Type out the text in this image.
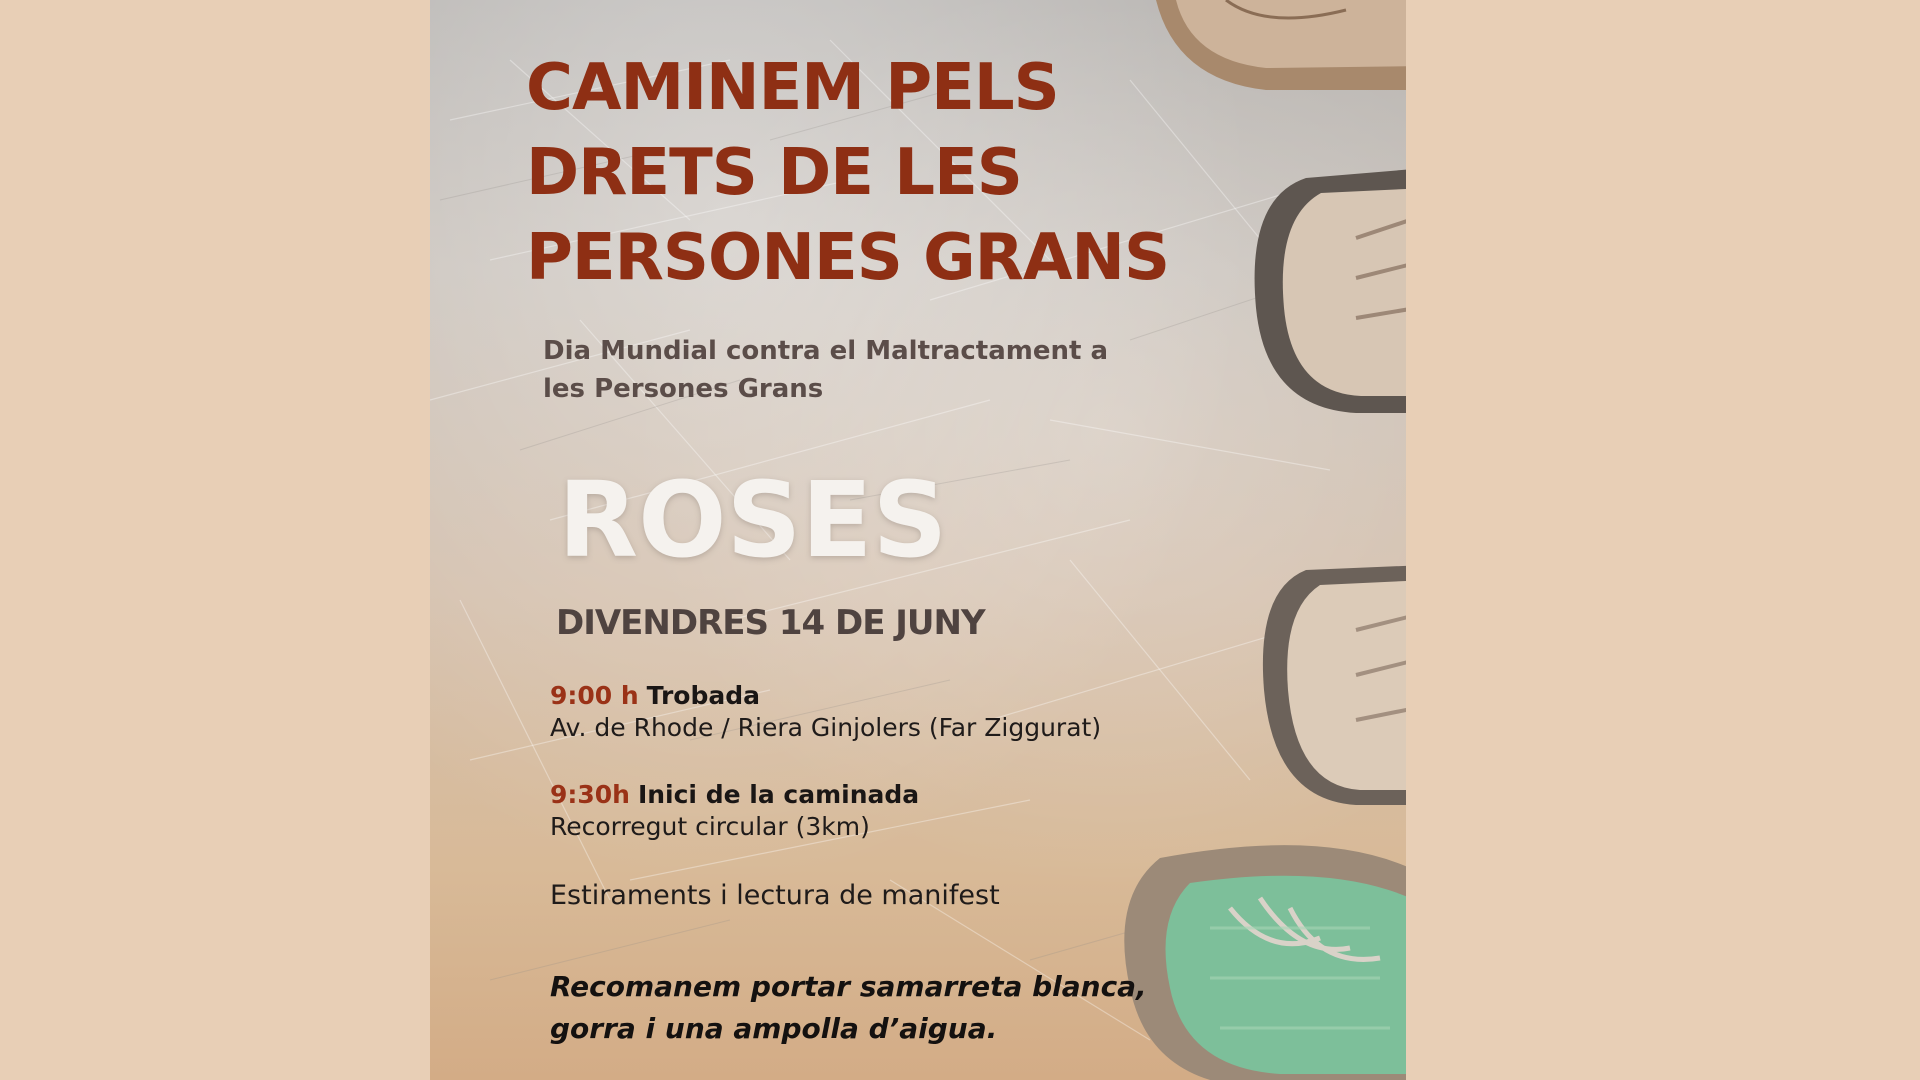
CAMINEM PELS
DRETS DE LES
PERSONES GRANS
Dia Mundial contra el Maltractament a
les Persones Grans
ROSES
DIVENDRES 14 DE JUNY
9:00 h Trobada
Av. de Rhode / Riera Ginjolers (Far Ziggurat)
9:30h Inici de la caminada
Recorregut circular (3km)
Estiraments i lectura de manifest
Recomanem portar samarreta blanca,
gorra i una ampolla d’aigua.
